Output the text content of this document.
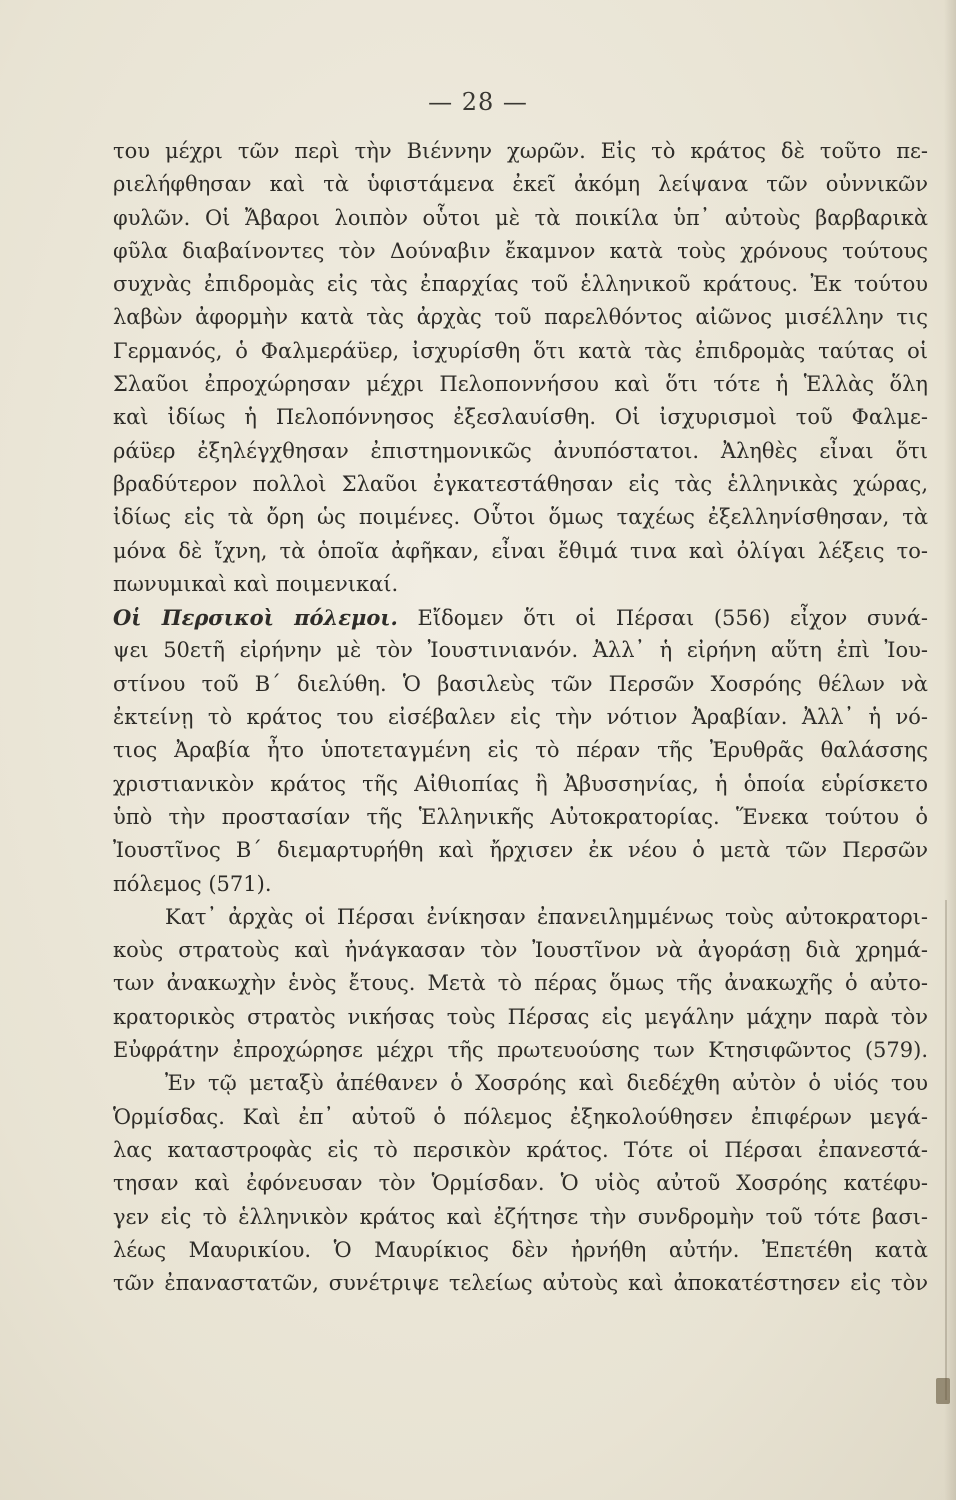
— 28 —
του μέχρι τῶν περὶ τὴν Βιέννην χωρῶν. Εἰς τὸ κράτος δὲ τοῦτο πε-
ριελήφθησαν καὶ τὰ ὑφιστάμενα ἐκεῖ ἀκόμη λείψανα τῶν οὐννικῶν
φυλῶν. Οἱ Ἄβαροι λοιπὸν οὗτοι μὲ τὰ ποικίλα ὑπ᾽ αὐτοὺς βαρβαρικὰ
φῦλα διαβαίνοντες τὸν Δούναβιν ἔκαμνον κατὰ τοὺς χρόνους τούτους
συχνὰς ἐπιδρομὰς εἰς τὰς ἐπαρχίας τοῦ ἑλληνικοῦ κράτους. Ἐκ τούτου
λαβὼν ἀφορμὴν κατὰ τὰς ἀρχὰς τοῦ παρελθόντος αἰῶνος μισέλλην τις
Γερμανός, ὁ Φαλμεράϋερ, ἰσχυρίσθη ὅτι κατὰ τὰς ἐπιδρομὰς ταύτας οἱ
Σλαῦοι ἐπροχώρησαν μέχρι Πελοποννήσου καὶ ὅτι τότε ἡ Ἑλλὰς ὅλη
καὶ ἰδίως ἡ Πελοπόννησος ἐξεσλαυίσθη. Οἱ ἰσχυρισμοὶ τοῦ Φαλμε-
ράϋερ ἐξηλέγχθησαν ἐπιστημονικῶς ἀνυπόστατοι. Ἀληθὲς εἶναι ὅτι
βραδύτερον πολλοὶ Σλαῦοι ἐγκατεστάθησαν εἰς τὰς ἑλληνικὰς χώρας,
ἰδίως εἰς τὰ ὄρη ὡς ποιμένες. Οὗτοι ὅμως ταχέως ἐξελληνίσθησαν, τὰ
μόνα δὲ ἴχνη, τὰ ὁποῖα ἀφῆκαν, εἶναι ἔθιμά τινα καὶ ὀλίγαι λέξεις το-
πωνυμικαὶ καὶ ποιμενικαί.
Οἱ Περσικοὶ πόλεμοι. Εἴδομεν ὅτι οἱ Πέρσαι (556) εἶχον συνά-
ψει 50ετῆ εἰρήνην μὲ τὸν Ἰουστινιανόν. Ἀλλ᾽ ἡ εἰρήνη αὕτη ἐπὶ Ἰου-
στίνου τοῦ Β΄ διελύθη. Ὁ βασιλεὺς τῶν Περσῶν Χοσρόης θέλων νὰ
ἐκτείνῃ τὸ κράτος του εἰσέβαλεν εἰς τὴν νότιον Ἀραβίαν. Ἀλλ᾽ ἡ νό-
τιος Ἀραβία ἦτο ὑποτεταγμένη εἰς τὸ πέραν τῆς Ἐρυθρᾶς θαλάσσης
χριστιανικὸν κράτος τῆς Αἰθιοπίας ἢ Ἀβυσσηνίας, ἡ ὁποία εὑρίσκετο
ὑπὸ τὴν προστασίαν τῆς Ἑλληνικῆς Αὐτοκρατορίας. Ἕνεκα τούτου ὁ
Ἰουστῖνος Β΄ διεμαρτυρήθη καὶ ἤρχισεν ἐκ νέου ὁ μετὰ τῶν Περσῶν
πόλεμος (571).
Κατ᾽ ἀρχὰς οἱ Πέρσαι ἐνίκησαν ἐπανειλημμένως τοὺς αὐτοκρατορι-
κοὺς στρατοὺς καὶ ἠνάγκασαν τὸν Ἰουστῖνον νὰ ἀγοράσῃ διὰ χρημά-
των ἀνακωχὴν ἑνὸς ἔτους. Μετὰ τὸ πέρας ὅμως τῆς ἀνακωχῆς ὁ αὐτο-
κρατορικὸς στρατὸς νικήσας τοὺς Πέρσας εἰς μεγάλην μάχην παρὰ τὸν
Εὐφράτην ἐπροχώρησε μέχρι τῆς πρωτευούσης των Κτησιφῶντος (579).
Ἐν τῷ μεταξὺ ἀπέθανεν ὁ Χοσρόης καὶ διεδέχθη αὐτὸν ὁ υἱός του
Ὁρμίσδας. Καὶ ἐπ᾽ αὐτοῦ ὁ πόλεμος ἐξηκολούθησεν ἐπιφέρων μεγά-
λας καταστροφὰς εἰς τὸ περσικὸν κράτος. Τότε οἱ Πέρσαι ἐπανεστά-
τησαν καὶ ἐφόνευσαν τὸν Ὁρμίσδαν. Ὁ υἱὸς αὐτοῦ Χοσρόης κατέφυ-
γεν εἰς τὸ ἑλληνικὸν κράτος καὶ ἐζήτησε τὴν συνδρομὴν τοῦ τότε βασι-
λέως Μαυρικίου. Ὁ Μαυρίκιος δὲν ἠρνήθη αὐτήν. Ἐπετέθη κατὰ
τῶν ἐπαναστατῶν, συνέτριψε τελείως αὐτοὺς καὶ ἀποκατέστησεν εἰς τὸν
